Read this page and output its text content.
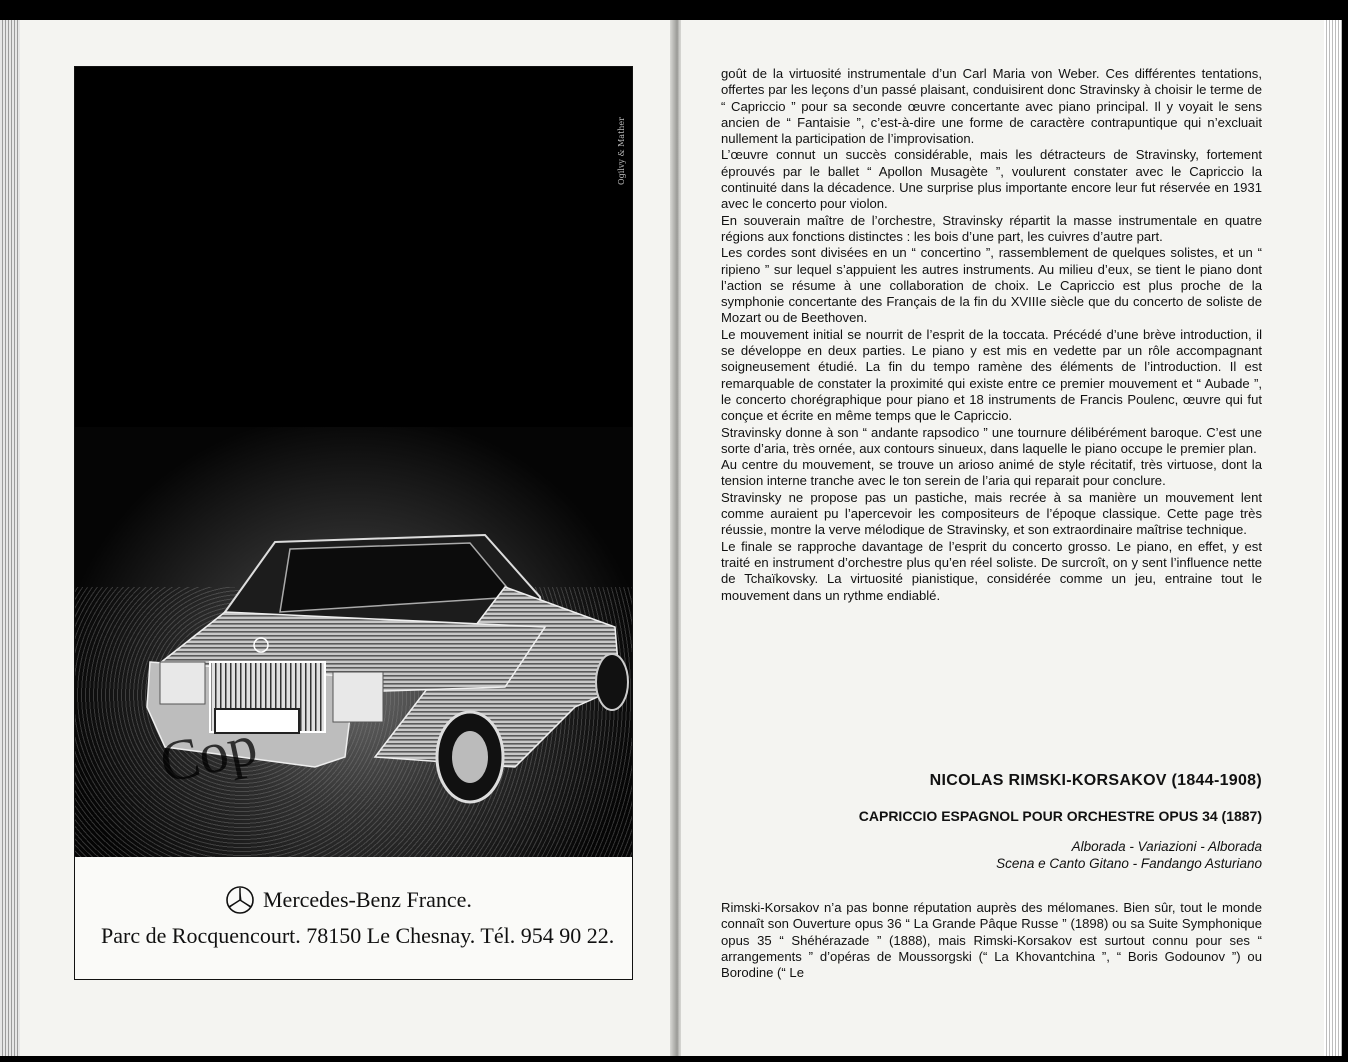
Ogilvy & Mather
Mercedes-Benz France.
Parc de Rocquencourt. 78150 Le Chesnay. Tél. 954 90 22.
Cop

goût de la virtuosité instrumentale d’un Carl Maria von Weber. Ces différentes tentations, offertes par les leçons d’un passé plaisant, conduisirent donc Stravinsky à choisir le terme de “ Capriccio ” pour sa seconde œuvre concertante avec piano principal. Il y voyait le sens ancien de “ Fantaisie ”, c’est-à-dire une forme de caractère contrapuntique qui n’excluait nullement la participation de l’improvisation.

L’œuvre connut un succès considérable, mais les détracteurs de Stravinsky, fortement éprouvés par le ballet “ Apollon Musagète ”, voulurent constater avec le Capriccio la continuité dans la décadence. Une surprise plus importante encore leur fut réservée en 1931 avec le concerto pour violon.

En souverain maître de l’orchestre, Stravinsky répartit la masse instrumentale en quatre régions aux fonctions distinctes : les bois d’une part, les cuivres d’autre part.

Les cordes sont divisées en un “ concertino ”, rassemblement de quelques solistes, et un “ ripieno ” sur lequel s’appuient les autres instruments. Au milieu d’eux, se tient le piano dont l’action se résume à une collaboration de choix. Le Capriccio est plus proche de la symphonie concertante des Français de la fin du XVIIIe siècle que du concerto de soliste de Mozart ou de Beethoven.

Le mouvement initial se nourrit de l’esprit de la toccata. Précédé d’une brève introduction, il se développe en deux parties. Le piano y est mis en vedette par un rôle accompagnant soigneusement étudié. La fin du tempo ramène des éléments de l’introduction. Il est remarquable de constater la proximité qui existe entre ce premier mouvement et “ Aubade ”, le concerto chorégraphique pour piano et 18 instruments de Francis Poulenc, œuvre qui fut conçue et écrite en même temps que le Capriccio.

Stravinsky donne à son “ andante rapsodico ” une tournure délibérément baroque. C’est une sorte d’aria, très ornée, aux contours sinueux, dans laquelle le piano occupe le premier plan.

Au centre du mouvement, se trouve un arioso animé de style récitatif, très virtuose, dont la tension interne tranche avec le ton serein de l’aria qui reparait pour conclure.

Stravinsky ne propose pas un pastiche, mais recrée à sa manière un mouvement lent comme auraient pu l’apercevoir les compositeurs de l’époque classique. Cette page très réussie, montre la verve mélodique de Stravinsky, et son extraordinaire maîtrise technique.

Le finale se rapproche davantage de l’esprit du concerto grosso. Le piano, en effet, y est traité en instrument d’orchestre plus qu’en réel soliste. De surcroît, on y sent l’influence nette de Tchaïkovsky. La virtuosité pianistique, considérée comme un jeu, entraine tout le mouvement dans un rythme endiablé.

NICOLAS RIMSKI-KORSAKOV (1844-1908)
CAPRICCIO ESPAGNOL POUR ORCHESTRE OPUS 34 (1887)
Alborada - Variazioni - Alborada
Scena e Canto Gitano - Fandango Asturiano
Rimski-Korsakov n’a pas bonne réputation auprès des mélomanes. Bien sûr, tout le monde connaît son Ouverture opus 36 “ La Grande Pâque Russe ” (1898) ou sa Suite Symphonique opus 35 “ Shéhérazade ” (1888), mais Rimski-Korsakov est surtout connu pour ses “ arrangements ” d’opéras de Moussorgski (“ La Khovantchina ”, “ Boris Godounov ”) ou Borodine (“ Le
